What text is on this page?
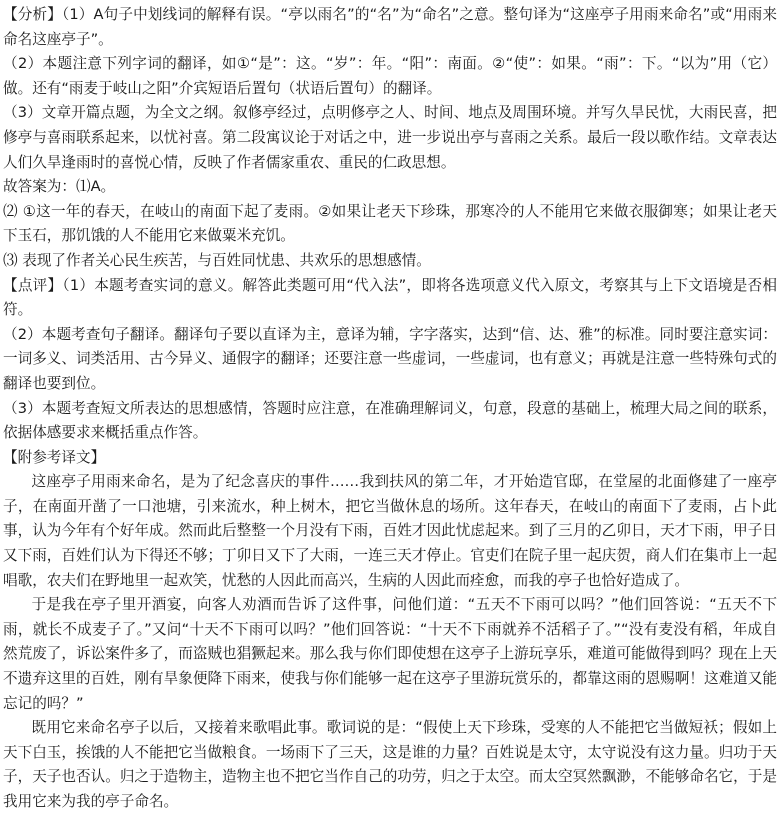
【分析】（1）A句子中划线词的解释有误。“亭以雨名”的“名”为“命名”之意。整句译为“这座亭子用雨来命名”或“用雨来命名这座亭子”。

（2）本题注意下列字词的翻译，如①“是”：这。“岁”：年。“阳”：南面。②“使”：如果。“雨”：下。“以为”用（它）做。还有“雨麦于岐山之阳”介宾短语后置句（状语后置句）的翻译。

（3）文章开篇点题，为全文之纲。叙修亭经过，点明修亭之人、时间、地点及周围环境。并写久旱民忧，大雨民喜，把修亭与喜雨联系起来，以忧衬喜。第二段寓议论于对话之中，进一步说出亭与喜雨之关系。最后一段以歌作结。文章表达人们久旱逢雨时的喜悦心情，反映了作者儒家重农、重民的仁政思想。

故答案为：⑴A。

⑵ ①这一年的春天，在岐山的南面下起了麦雨。②如果让老天下珍珠，那寒冷的人不能用它来做衣服御寒；如果让老天下玉石，那饥饿的人不能用它来做粟米充饥。

⑶ 表现了作者关心民生疾苦，与百姓同忧患、共欢乐的思想感情。

【点评】（1）本题考查实词的意义。解答此类题可用“代入法”，即将各选项意义代入原文，考察其与上下文语境是否相符。

（2）本题考查句子翻译。翻译句子要以直译为主，意译为辅，字字落实，达到“信、达、雅”的标准。同时要注意实词：一词多义、词类活用、古今异义、通假字的翻译；还要注意一些虚词，一些虚词，也有意义；再就是注意一些特殊句式的翻译也要到位。

（3）本题考查短文所表达的思想感情，答题时应注意，在准确理解词义，句意，段意的基础上，梳理大局之间的联系，依据体感要求来概括重点作答。

【附参考译文】

这座亭子用雨来命名，是为了纪念喜庆的事件……我到扶风的第二年，才开始造官邸，在堂屋的北面修建了一座亭子，在南面开凿了一口池塘，引来流水，种上树木，把它当做休息的场所。这年春天，在岐山的南面下了麦雨，占卜此事，认为今年有个好年成。然而此后整整一个月没有下雨，百姓才因此忧虑起来。到了三月的乙卯日，天才下雨，甲子日又下雨，百姓们认为下得还不够；丁卯日又下了大雨，一连三天才停止。官吏们在院子里一起庆贺，商人们在集市上一起唱歌，农夫们在野地里一起欢笑，忧愁的人因此而高兴，生病的人因此而痊愈，而我的亭子也恰好造成了。

于是我在亭子里开酒宴，向客人劝酒而告诉了这件事，问他们道：“五天不下雨可以吗？”他们回答说：“五天不下雨，就长不成麦子了。”又问“十天不下雨可以吗？”他们回答说：“十天不下雨就养不活稻子了。”“没有麦没有稻，年成自然荒废了，诉讼案件多了，而盗贼也猖獗起来。那么我与你们即使想在这亭子上游玩享乐，难道可能做得到吗？现在上天不遗弃这里的百姓，刚有旱象便降下雨来，使我与你们能够一起在这亭子里游玩赏乐的，都靠这雨的恩赐啊！这难道又能忘记的吗？”

既用它来命名亭子以后，又接着来歌唱此事。歌词说的是：“假使上天下珍珠，受寒的人不能把它当做短袄；假如上天下白玉，挨饿的人不能把它当做粮食。一场雨下了三天，这是谁的力量？百姓说是太守，太守说没有这力量。归功于天子，天子也否认。归之于造物主，造物主也不把它当作自己的功劳，归之于太空。而太空冥然飘渺，不能够命名它，于是我用它来为我的亭子命名。
